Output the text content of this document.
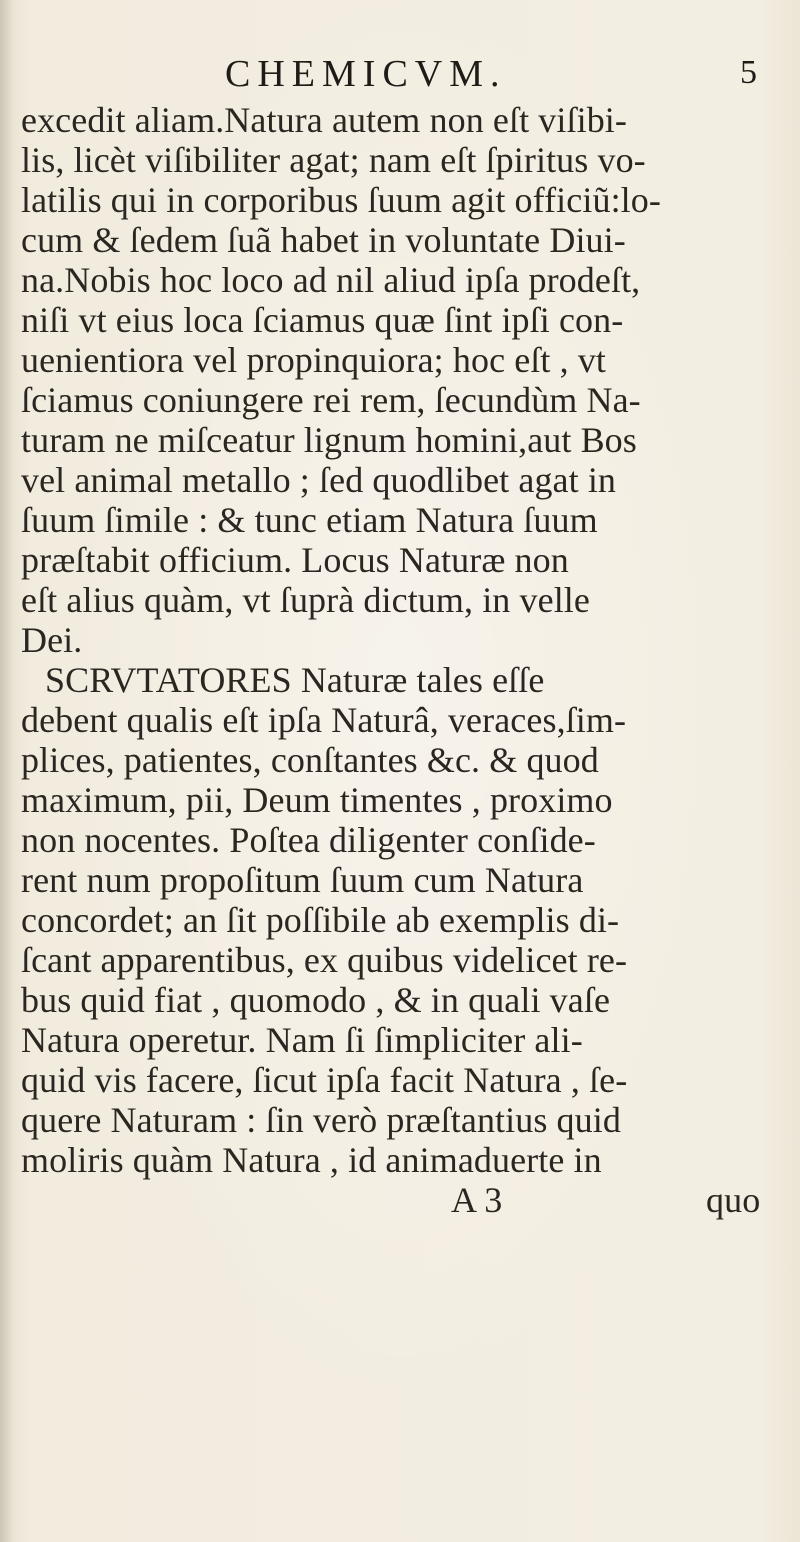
CHEMICVM.	5
excedit aliam.Natura autem non eſt viſibi-
lis, licèt viſibiliter agat; nam eſt ſpiritus vo-
latilis qui in corporibus ſuum agit officiũ:lo-
cum & ſedem ſuã habet in voluntate Diui-
na.Nobis hoc loco ad nil aliud ipſa prodeſt,
niſi vt eius loca ſciamus quæ ſint ipſi con-
uenientiora vel propinquiora; hoc eſt , vt
ſciamus coniungere rei rem, ſecundùm Na-
turam ne miſceatur lignum homini,aut Bos
vel animal metallo ; ſed quodlibet agat in
ſuum ſimile : & tunc etiam Natura ſuum
præſtabit officium. Locus Naturæ non
eſt alius quàm, vt ſuprà dictum, in velle
Dei.
SCRVTATORES Naturæ tales eſſe
debent qualis eſt ipſa Naturâ, veraces,ſim-
plices, patientes, conſtantes &c. & quod
maximum, pii, Deum timentes , proximo
non nocentes. Poſtea diligenter conſide-
rent num propoſitum ſuum cum Natura
concordet; an ſit poſſibile ab exemplis di-
ſcant apparentibus, ex quibus videlicet re-
bus quid fiat , quomodo , & in quali vaſe
Natura operetur. Nam ſi ſimpliciter ali-
quid vis facere, ſicut ipſa facit Natura , ſe-
quere Naturam : ſin verò præſtantius quid
moliris quàm Natura , id animaduerte in
A 3	quo
